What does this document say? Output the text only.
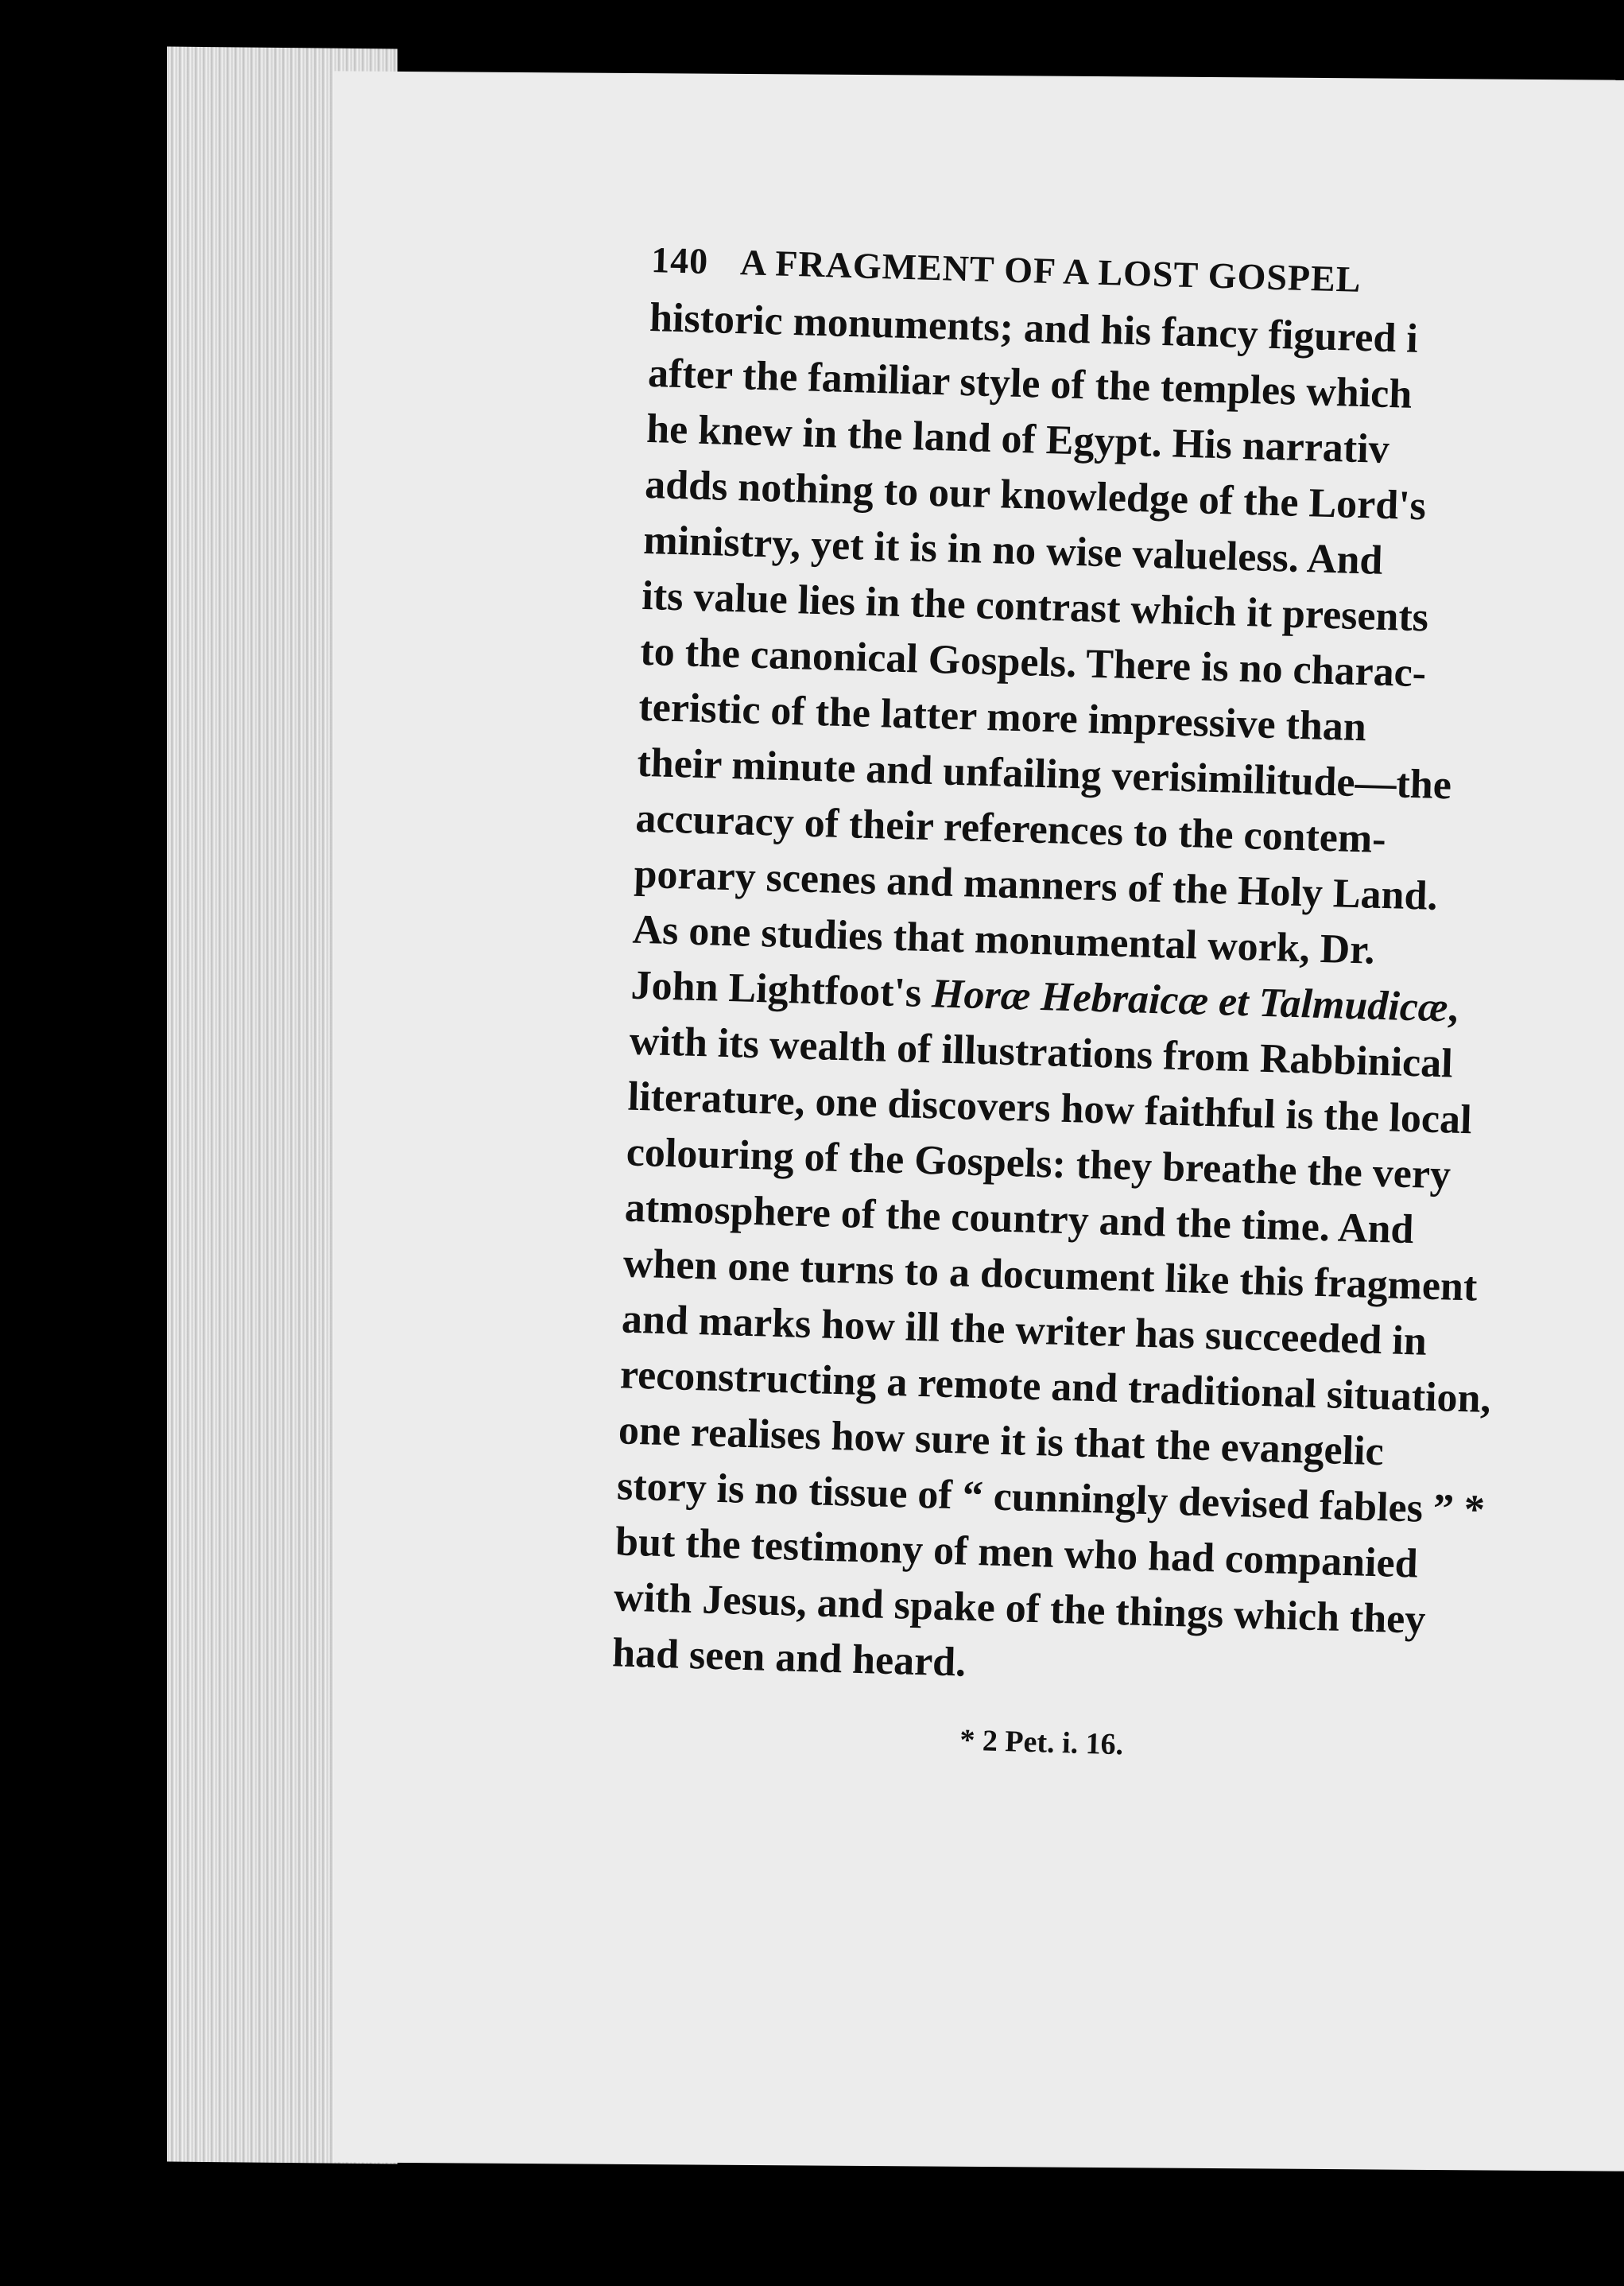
140 A FRAGMENT OF A LOST GOSPEL
historic monuments; and his fancy figured i
after the familiar style of the temples which
he knew in the land of Egypt. His narrativ
adds nothing to our knowledge of the Lord's
ministry, yet it is in no wise valueless. And
its value lies in the contrast which it presents
to the canonical Gospels. There is no charac-
teristic of the latter more impressive than
their minute and unfailing verisimilitude—the
accuracy of their references to the contem-
porary scenes and manners of the Holy Land.
As one studies that monumental work, Dr.
John Lightfoot's Horæ Hebraicæ et Talmudicæ,
with its wealth of illustrations from Rabbinical
literature, one discovers how faithful is the local
colouring of the Gospels: they breathe the very
atmosphere of the country and the time. And
when one turns to a document like this fragment
and marks how ill the writer has succeeded in
reconstructing a remote and traditional situation,
one realises how sure it is that the evangelic
story is no tissue of “ cunningly devised fables ” *
but the testimony of men who had companied
with Jesus, and spake of the things which they
had seen and heard.
* 2 Pet. i. 16.
